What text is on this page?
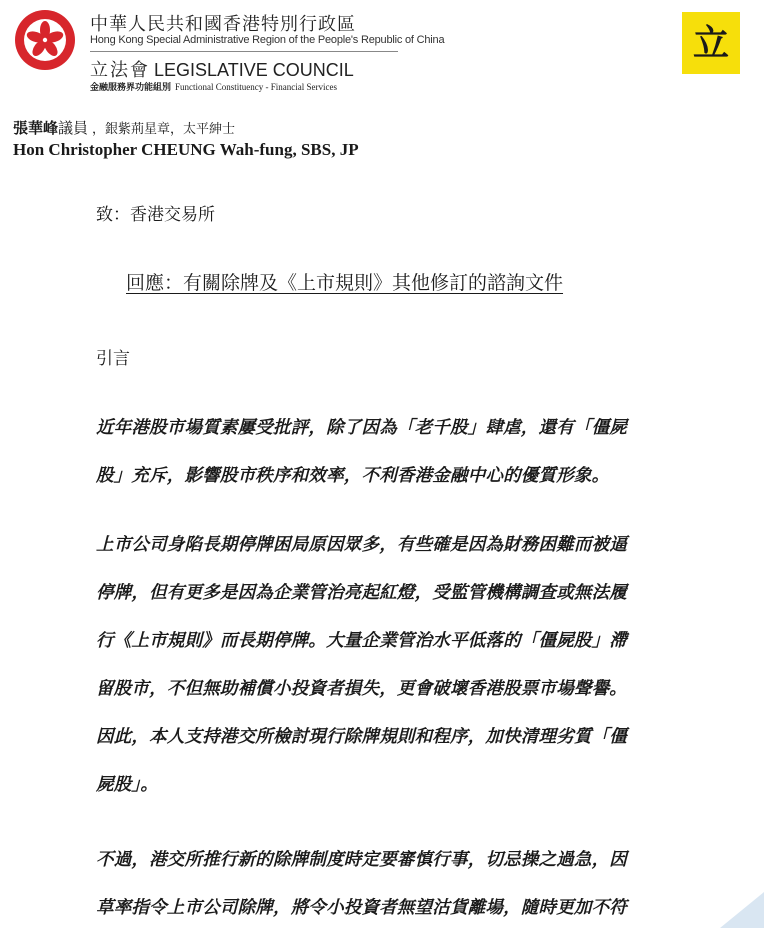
中華人民共和國香港特別行政區
Hong Kong Special Administrative Region of the People's Republic of China
立法會 LEGISLATIVE COUNCIL
金融服務界功能組別 Functional Constituency - Financial Services
立
張華峰議員 ，銀紫荊星章，太平紳士
Hon Christopher CHEUNG Wah-fung, SBS, JP
致：香港交易所
回應：有關除牌及《上市規則》其他修訂的諮詢文件
引言

近年港股市場質素屢受批評，除了因為「老千股」肆虐，還有「僵屍
股」充斥，影響股市秩序和效率，不利香港金融中心的優質形象。

上市公司身陷長期停牌困局原因眾多，有些確是因為財務困難而被逼
停牌，但有更多是因為企業管治亮起紅燈，受監管機構調查或無法履
行《上市規則》而長期停牌。大量企業管治水平低落的「僵屍股」滯
留股市，不但無助補償小投資者損失，更會破壞香港股票市場聲譽。
因此，本人支持港交所檢討現行除牌規則和程序，加快清理劣質「僵
屍股」。

不過，港交所推行新的除牌制度時定要審慎行事，切忌操之過急，因
草率指令上市公司除牌，將令小投資者無望沽貨離場，隨時更加不符
